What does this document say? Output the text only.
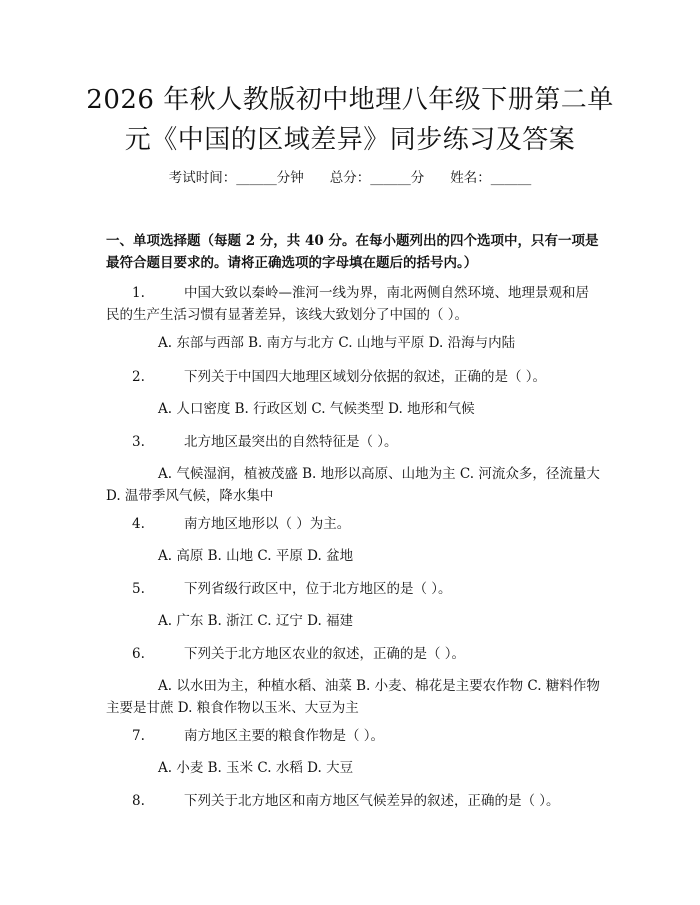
2026 年秋人教版初中地理八年级下册第二单
元《中国的区域差异》同步练习及答案
考试时间：______分钟 总分：______分 姓名：______

一、单项选择题（每题 2 分，共 40 分。在每小题列出的四个选项中，只有一项是最符合题目要求的。请将正确选项的字母填在题后的括号内。）

1.	中国大致以秦岭—淮河一线为界，南北两侧自然环境、地理景观和居民的生产生活习惯有显著差异，该线大致划分了中国的（ ）。

A. 东部与西部 B. 南方与北方 C. 山地与平原 D. 沿海与内陆

2.	下列关于中国四大地理区域划分依据的叙述，正确的是（ ）。

A. 人口密度 B. 行政区划 C. 气候类型 D. 地形和气候

3.	北方地区最突出的自然特征是（ ）。

A. 气候湿润，植被茂盛 B. 地形以高原、山地为主 C. 河流众多，径流量大 D. 温带季风气候，降水集中

4.	南方地区地形以（ ）为主。

A. 高原 B. 山地 C. 平原 D. 盆地

5.	下列省级行政区中，位于北方地区的是（ ）。

A. 广东 B. 浙江 C. 辽宁 D. 福建

6.	下列关于北方地区农业的叙述，正确的是（ ）。

A. 以水田为主，种植水稻、油菜 B. 小麦、棉花是主要农作物 C. 糖料作物主要是甘蔗 D. 粮食作物以玉米、大豆为主

7.	南方地区主要的粮食作物是（ ）。

A. 小麦 B. 玉米 C. 水稻 D. 大豆

8.	下列关于北方地区和南方地区气候差异的叙述，正确的是（ ）。
